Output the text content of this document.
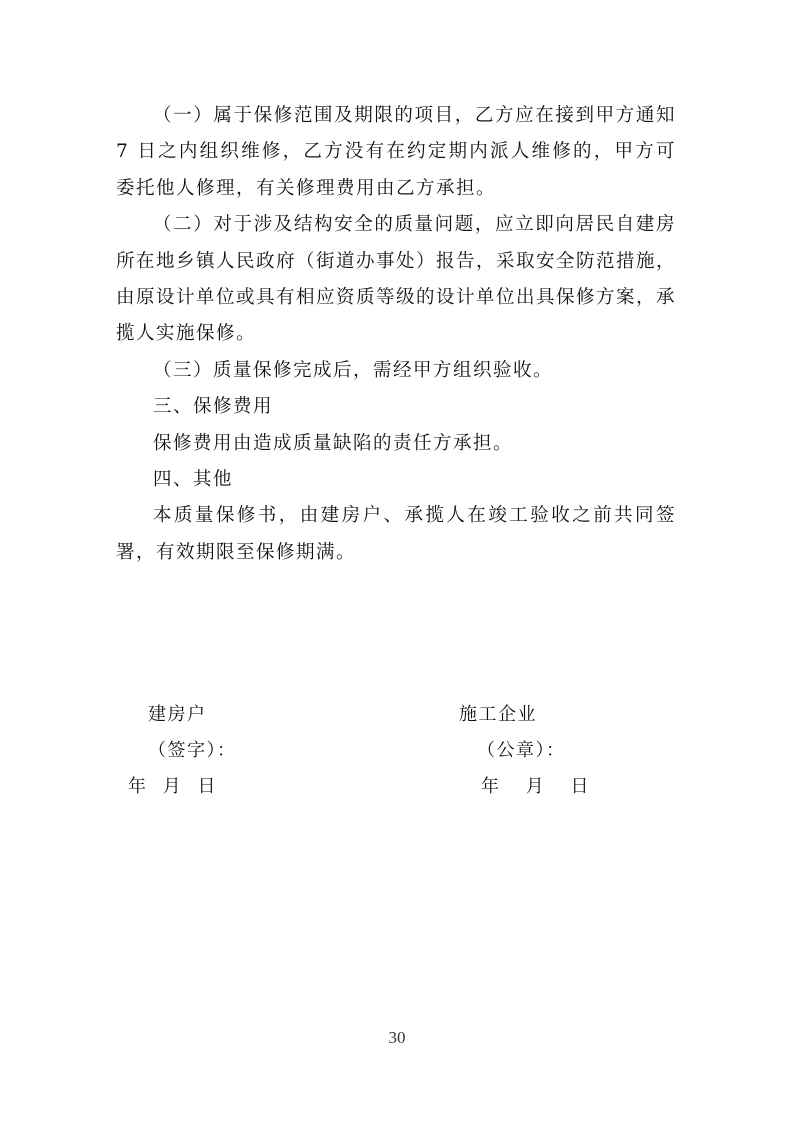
（一）属于保修范围及期限的项目，乙方应在接到甲方通知 7 日之内组织维修，乙方没有在约定期内派人维修的，甲方可委托他人修理，有关修理费用由乙方承担。

（二）对于涉及结构安全的质量问题，应立即向居民自建房所在地乡镇人民政府（街道办事处）报告，采取安全防范措施，由原设计单位或具有相应资质等级的设计单位出具保修方案，承揽人实施保修。

（三）质量保修完成后，需经甲方组织验收。

三、保修费用

保修费用由造成质量缺陷的责任方承担。

四、其他

本质量保修书，由建房户、承揽人在竣工验收之前共同签署，有效期限至保修期满。

建房户
（签字）：
年 月 日
施工企业
（公章）：
年 月 日
30
